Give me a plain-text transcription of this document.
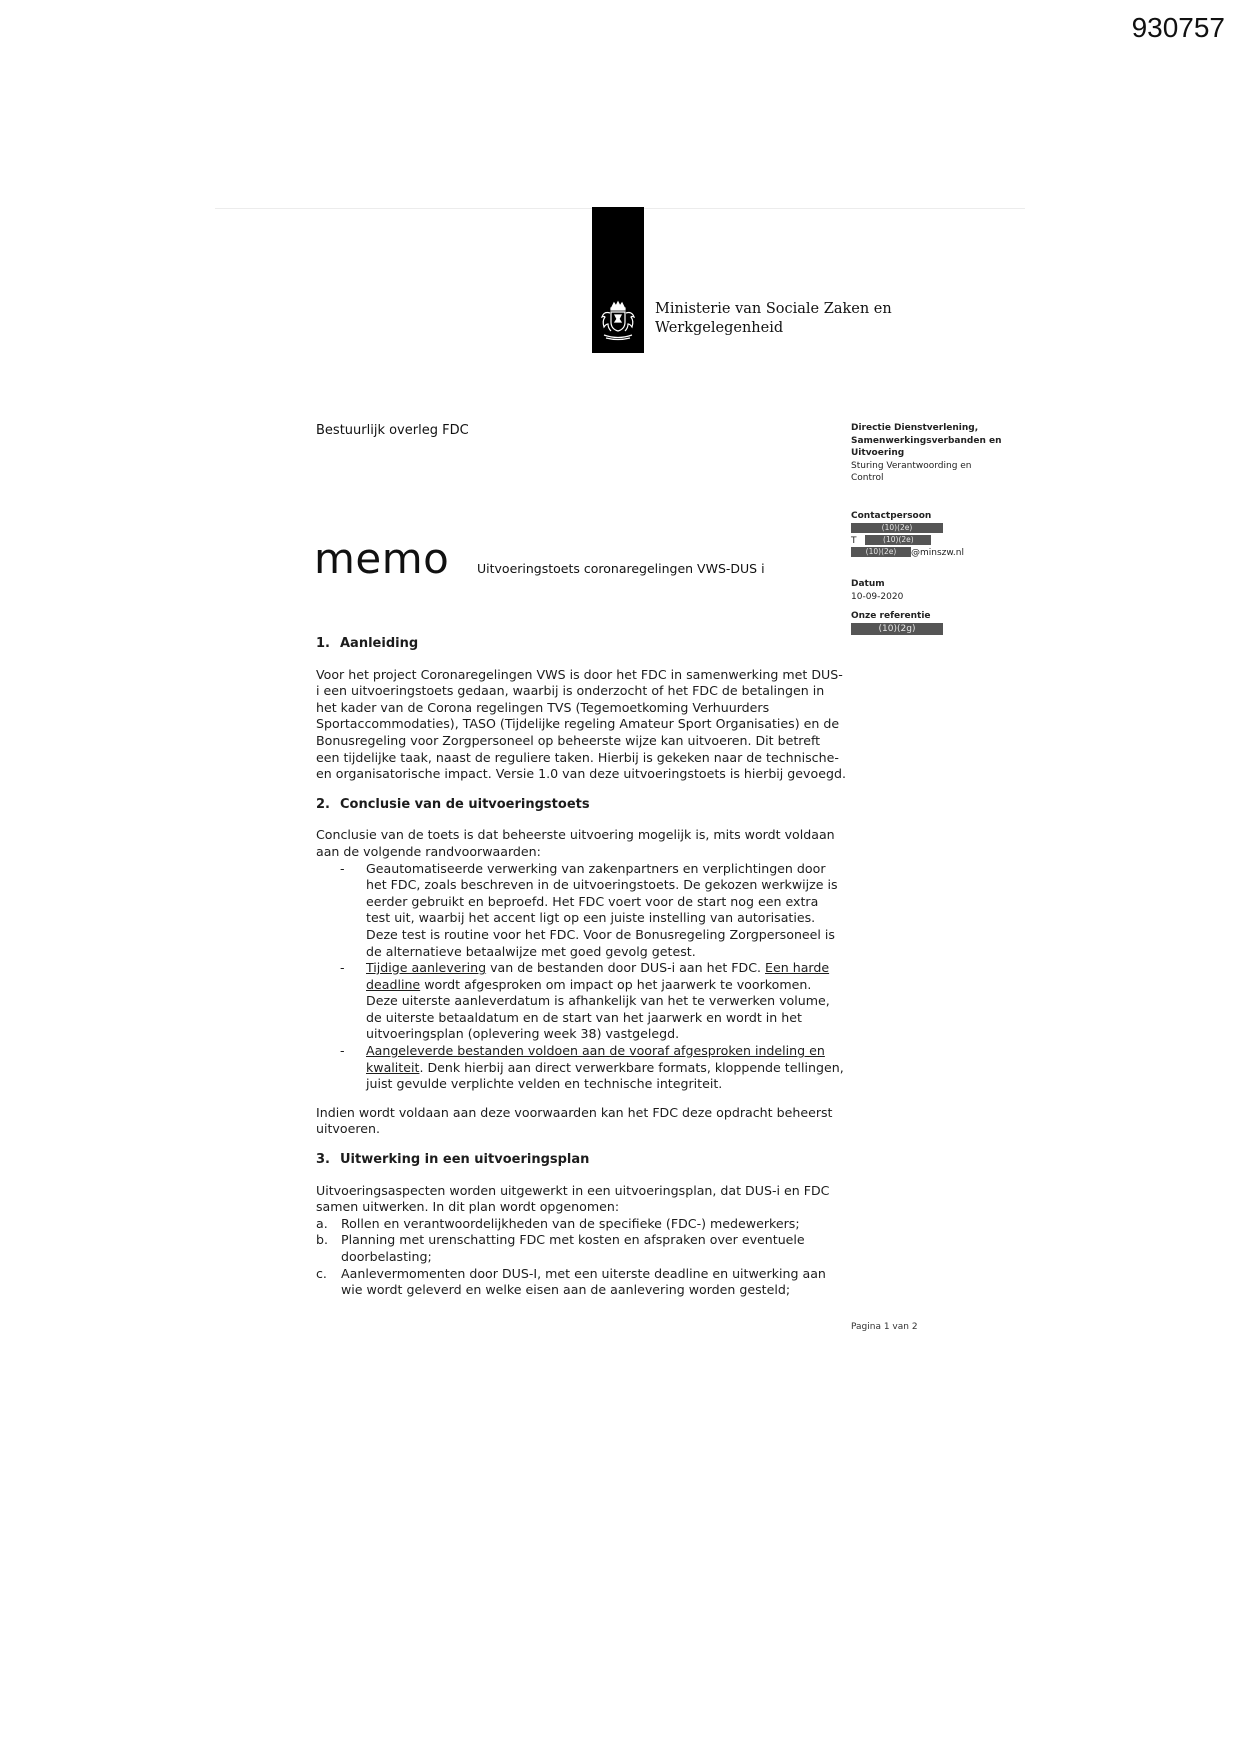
930757
Ministerie van Sociale Zaken en
Werkgelegenheid
Bestuurlijk overleg FDC
memo Uitvoeringstoets coronaregelingen VWS-DUS i
Directie Dienstverlening,
Samenwerkingsverbanden en
Uitvoering
Sturing Verantwoording en
Control
Contactpersoon
(10)(2e)
T	(10)(2e)
(10)(2e) @minszw.nl
Datum
10-09-2020
Onze referentie
(10)(2g)
1. Aanleiding

Voor het project Coronaregelingen VWS is door het FDC in samenwerking met DUS-i een uitvoeringstoets gedaan, waarbij is onderzocht of het FDC de betalingen in het kader van de Corona regelingen TVS (Tegemoetkoming Verhuurders Sportaccommodaties), TASO (Tijdelijke regeling Amateur Sport Organisaties) en de Bonusregeling voor Zorgpersoneel op beheerste wijze kan uitvoeren. Dit betreft een tijdelijke taak, naast de reguliere taken. Hierbij is gekeken naar de technische- en organisatorische impact. Versie 1.0 van deze uitvoeringstoets is hierbij gevoegd.

2. Conclusie van de uitvoeringstoets

Conclusie van de toets is dat beheerste uitvoering mogelijk is, mits wordt voldaan aan de volgende randvoorwaarden:

-	Geautomatiseerde verwerking van zakenpartners en verplichtingen door het FDC, zoals beschreven in de uitvoeringstoets. De gekozen werkwijze is eerder gebruikt en beproefd. Het FDC voert voor de start nog een extra test uit, waarbij het accent ligt op een juiste instelling van autorisaties. Deze test is routine voor het FDC. Voor de Bonusregeling Zorgpersoneel is de alternatieve betaalwijze met goed gevolg getest.
-	Tijdige aanlevering van de bestanden door DUS-i aan het FDC. Een harde deadline wordt afgesproken om impact op het jaarwerk te voorkomen. Deze uiterste aanleverdatum is afhankelijk van het te verwerken volume, de uiterste betaaldatum en de start van het jaarwerk en wordt in het uitvoeringsplan (oplevering week 38) vastgelegd.
-	Aangeleverde bestanden voldoen aan de vooraf afgesproken indeling en kwaliteit. Denk hierbij aan direct verwerkbare formats, kloppende tellingen, juist gevulde verplichte velden en technische integriteit.

Indien wordt voldaan aan deze voorwaarden kan het FDC deze opdracht beheerst uitvoeren.

3. Uitwerking in een uitvoeringsplan

Uitvoeringsaspecten worden uitgewerkt in een uitvoeringsplan, dat DUS-i en FDC samen uitwerken. In dit plan wordt opgenomen:

a.	Rollen en verantwoordelijkheden van de specifieke (FDC-) medewerkers;
b.	Planning met urenschatting FDC met kosten en afspraken over eventuele doorbelasting;
c.	Aanlevermomenten door DUS-I, met een uiterste deadline en uitwerking aan wie wordt geleverd en welke eisen aan de aanlevering worden gesteld;
Pagina 1 van 2
